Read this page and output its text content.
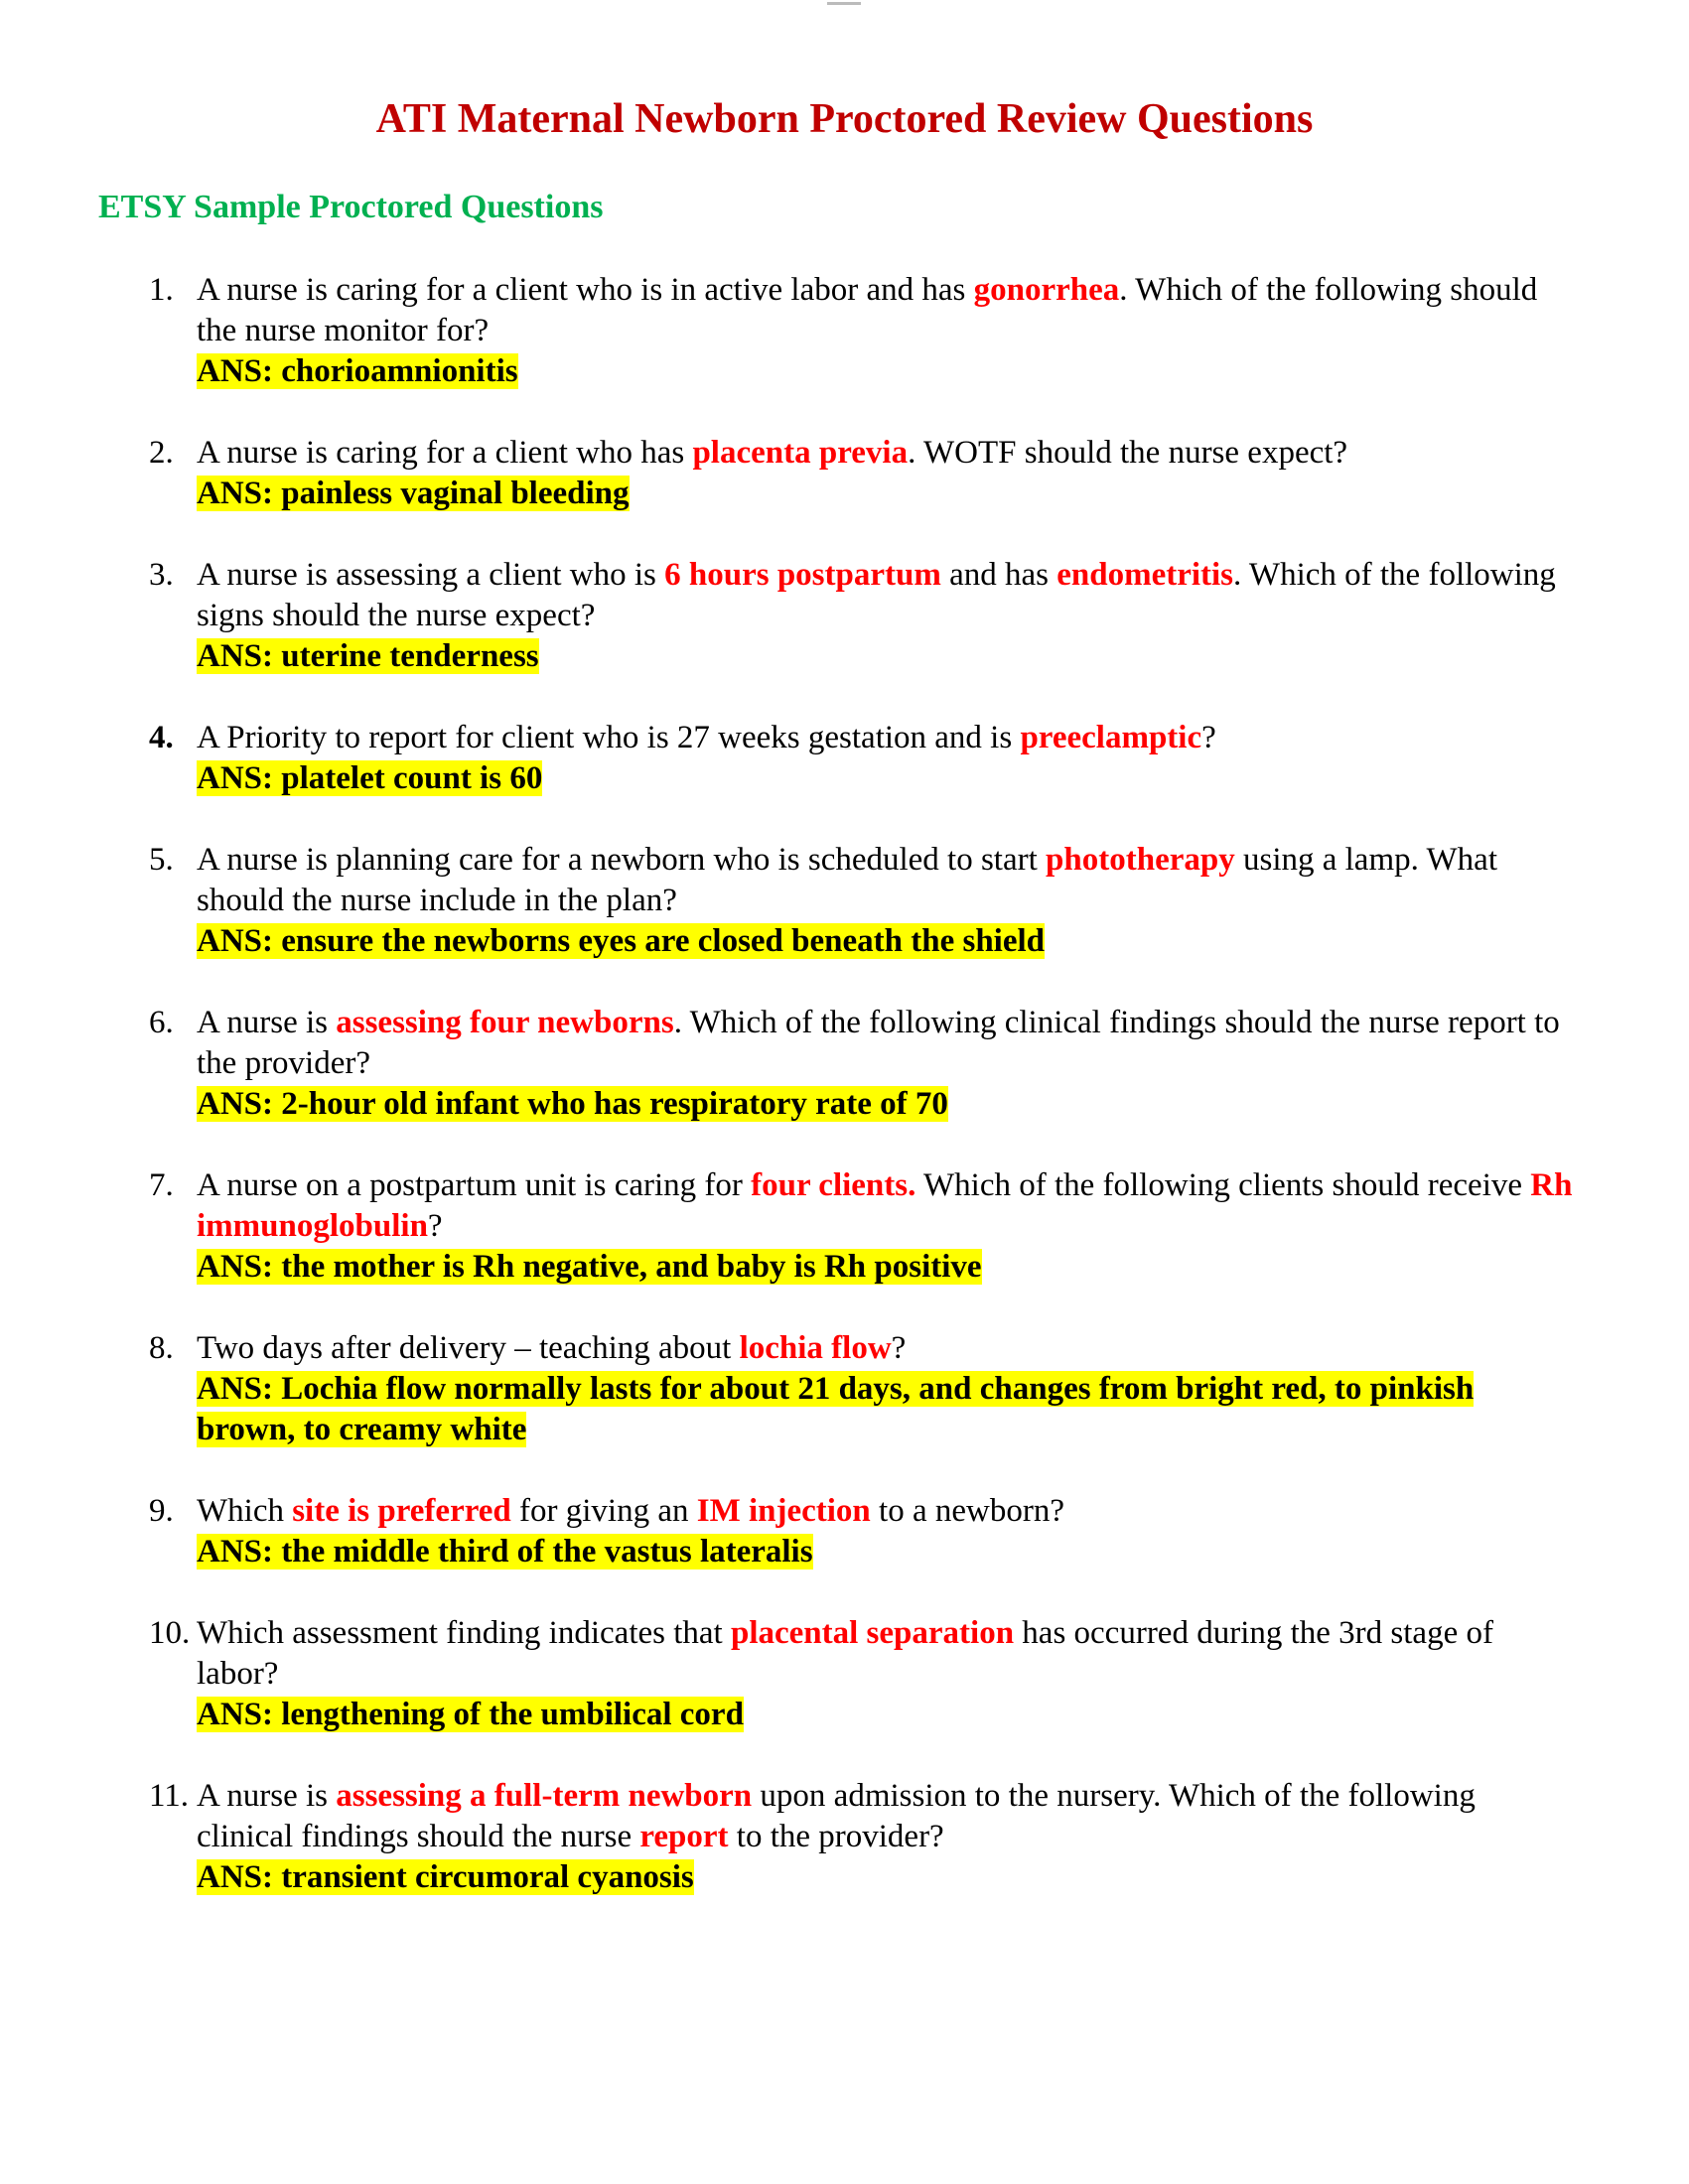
ATI Maternal Newborn Proctored Review Questions
ETSY Sample Proctored Questions
1. A nurse is caring for a client who is in active labor and has gonorrhea. Which of the following should the nurse monitor for?
ANS: chorioamnionitis
2. A nurse is caring for a client who has placenta previa. WOTF should the nurse expect?
ANS: painless vaginal bleeding
3. A nurse is assessing a client who is 6 hours postpartum and has endometritis. Which of the following signs should the nurse expect?
ANS: uterine tenderness
4. A Priority to report for client who is 27 weeks gestation and is preeclamptic?
ANS: platelet count is 60
5. A nurse is planning care for a newborn who is scheduled to start phototherapy using a lamp. What should the nurse include in the plan?
ANS: ensure the newborns eyes are closed beneath the shield
6. A nurse is assessing four newborns. Which of the following clinical findings should the nurse report to the provider?
ANS: 2-hour old infant who has respiratory rate of 70
7. A nurse on a postpartum unit is caring for four clients. Which of the following clients should receive Rh immunoglobulin?
ANS: the mother is Rh negative, and baby is Rh positive
8. Two days after delivery – teaching about lochia flow?
ANS: Lochia flow normally lasts for about 21 days, and changes from bright red, to pinkish brown, to creamy white
9. Which site is preferred for giving an IM injection to a newborn?
ANS: the middle third of the vastus lateralis
10. Which assessment finding indicates that placental separation has occurred during the 3rd stage of labor?
ANS: lengthening of the umbilical cord
11. A nurse is assessing a full-term newborn upon admission to the nursery. Which of the following clinical findings should the nurse report to the provider?
ANS: transient circumoral cyanosis
